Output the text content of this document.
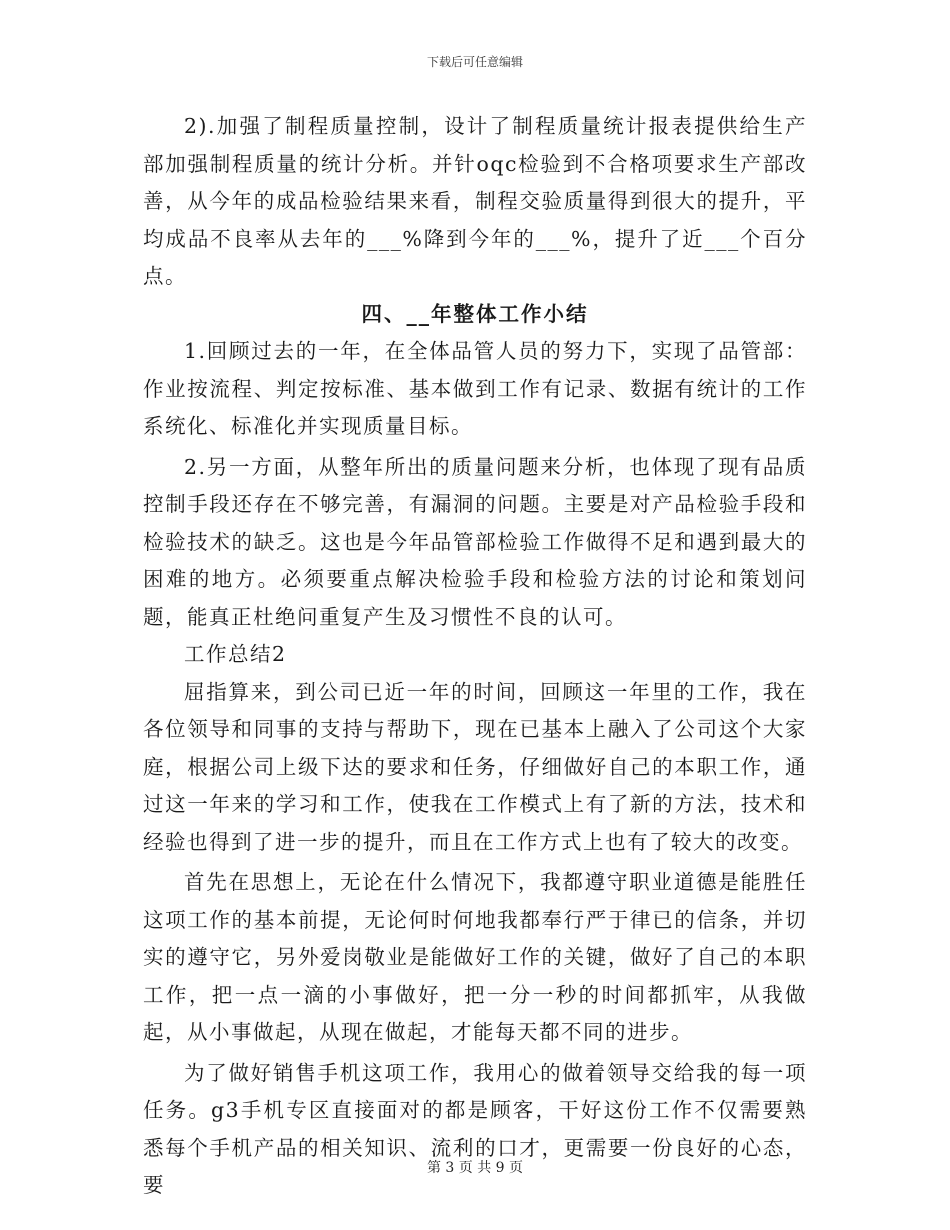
下载后可任意编辑

2).加强了制程质量控制，设计了制程质量统计报表提供给生产部加强制程质量的统计分析。并针oqc检验到不合格项要求生产部改善，从今年的成品检验结果来看，制程交验质量得到很大的提升，平均成品不良率从去年的___%降到今年的___%，提升了近___个百分点。

四、__年整体工作小结

1.回顾过去的一年，在全体品管人员的努力下，实现了品管部：作业按流程、判定按标准、基本做到工作有记录、数据有统计的工作系统化、标准化并实现质量目标。

2.另一方面，从整年所出的质量问题来分析，也体现了现有品质控制手段还存在不够完善，有漏洞的问题。主要是对产品检验手段和检验技术的缺乏。这也是今年品管部检验工作做得不足和遇到最大的困难的地方。必须要重点解决检验手段和检验方法的讨论和策划问题，能真正杜绝问重复产生及习惯性不良的认可。

工作总结2

屈指算来，到公司已近一年的时间，回顾这一年里的工作，我在各位领导和同事的支持与帮助下，现在已基本上融入了公司这个大家庭，根据公司上级下达的要求和任务，仔细做好自己的本职工作，通过这一年来的学习和工作，使我在工作模式上有了新的方法，技术和经验也得到了进一步的提升，而且在工作方式上也有了较大的改变。

首先在思想上，无论在什么情况下，我都遵守职业道德是能胜任这项工作的基本前提，无论何时何地我都奉行严于律已的信条，并切实的遵守它，另外爱岗敬业是能做好工作的关键，做好了自己的本职工作，把一点一滴的小事做好，把一分一秒的时间都抓牢，从我做起，从小事做起，从现在做起，才能每天都不同的进步。

为了做好销售手机这项工作，我用心的做着领导交给我的每一项任务。g3手机专区直接面对的都是顾客，干好这份工作不仅需要熟悉每个手机产品的相关知识、流利的口才，更需要一份良好的心态，要

第 3 页 共 9 页
